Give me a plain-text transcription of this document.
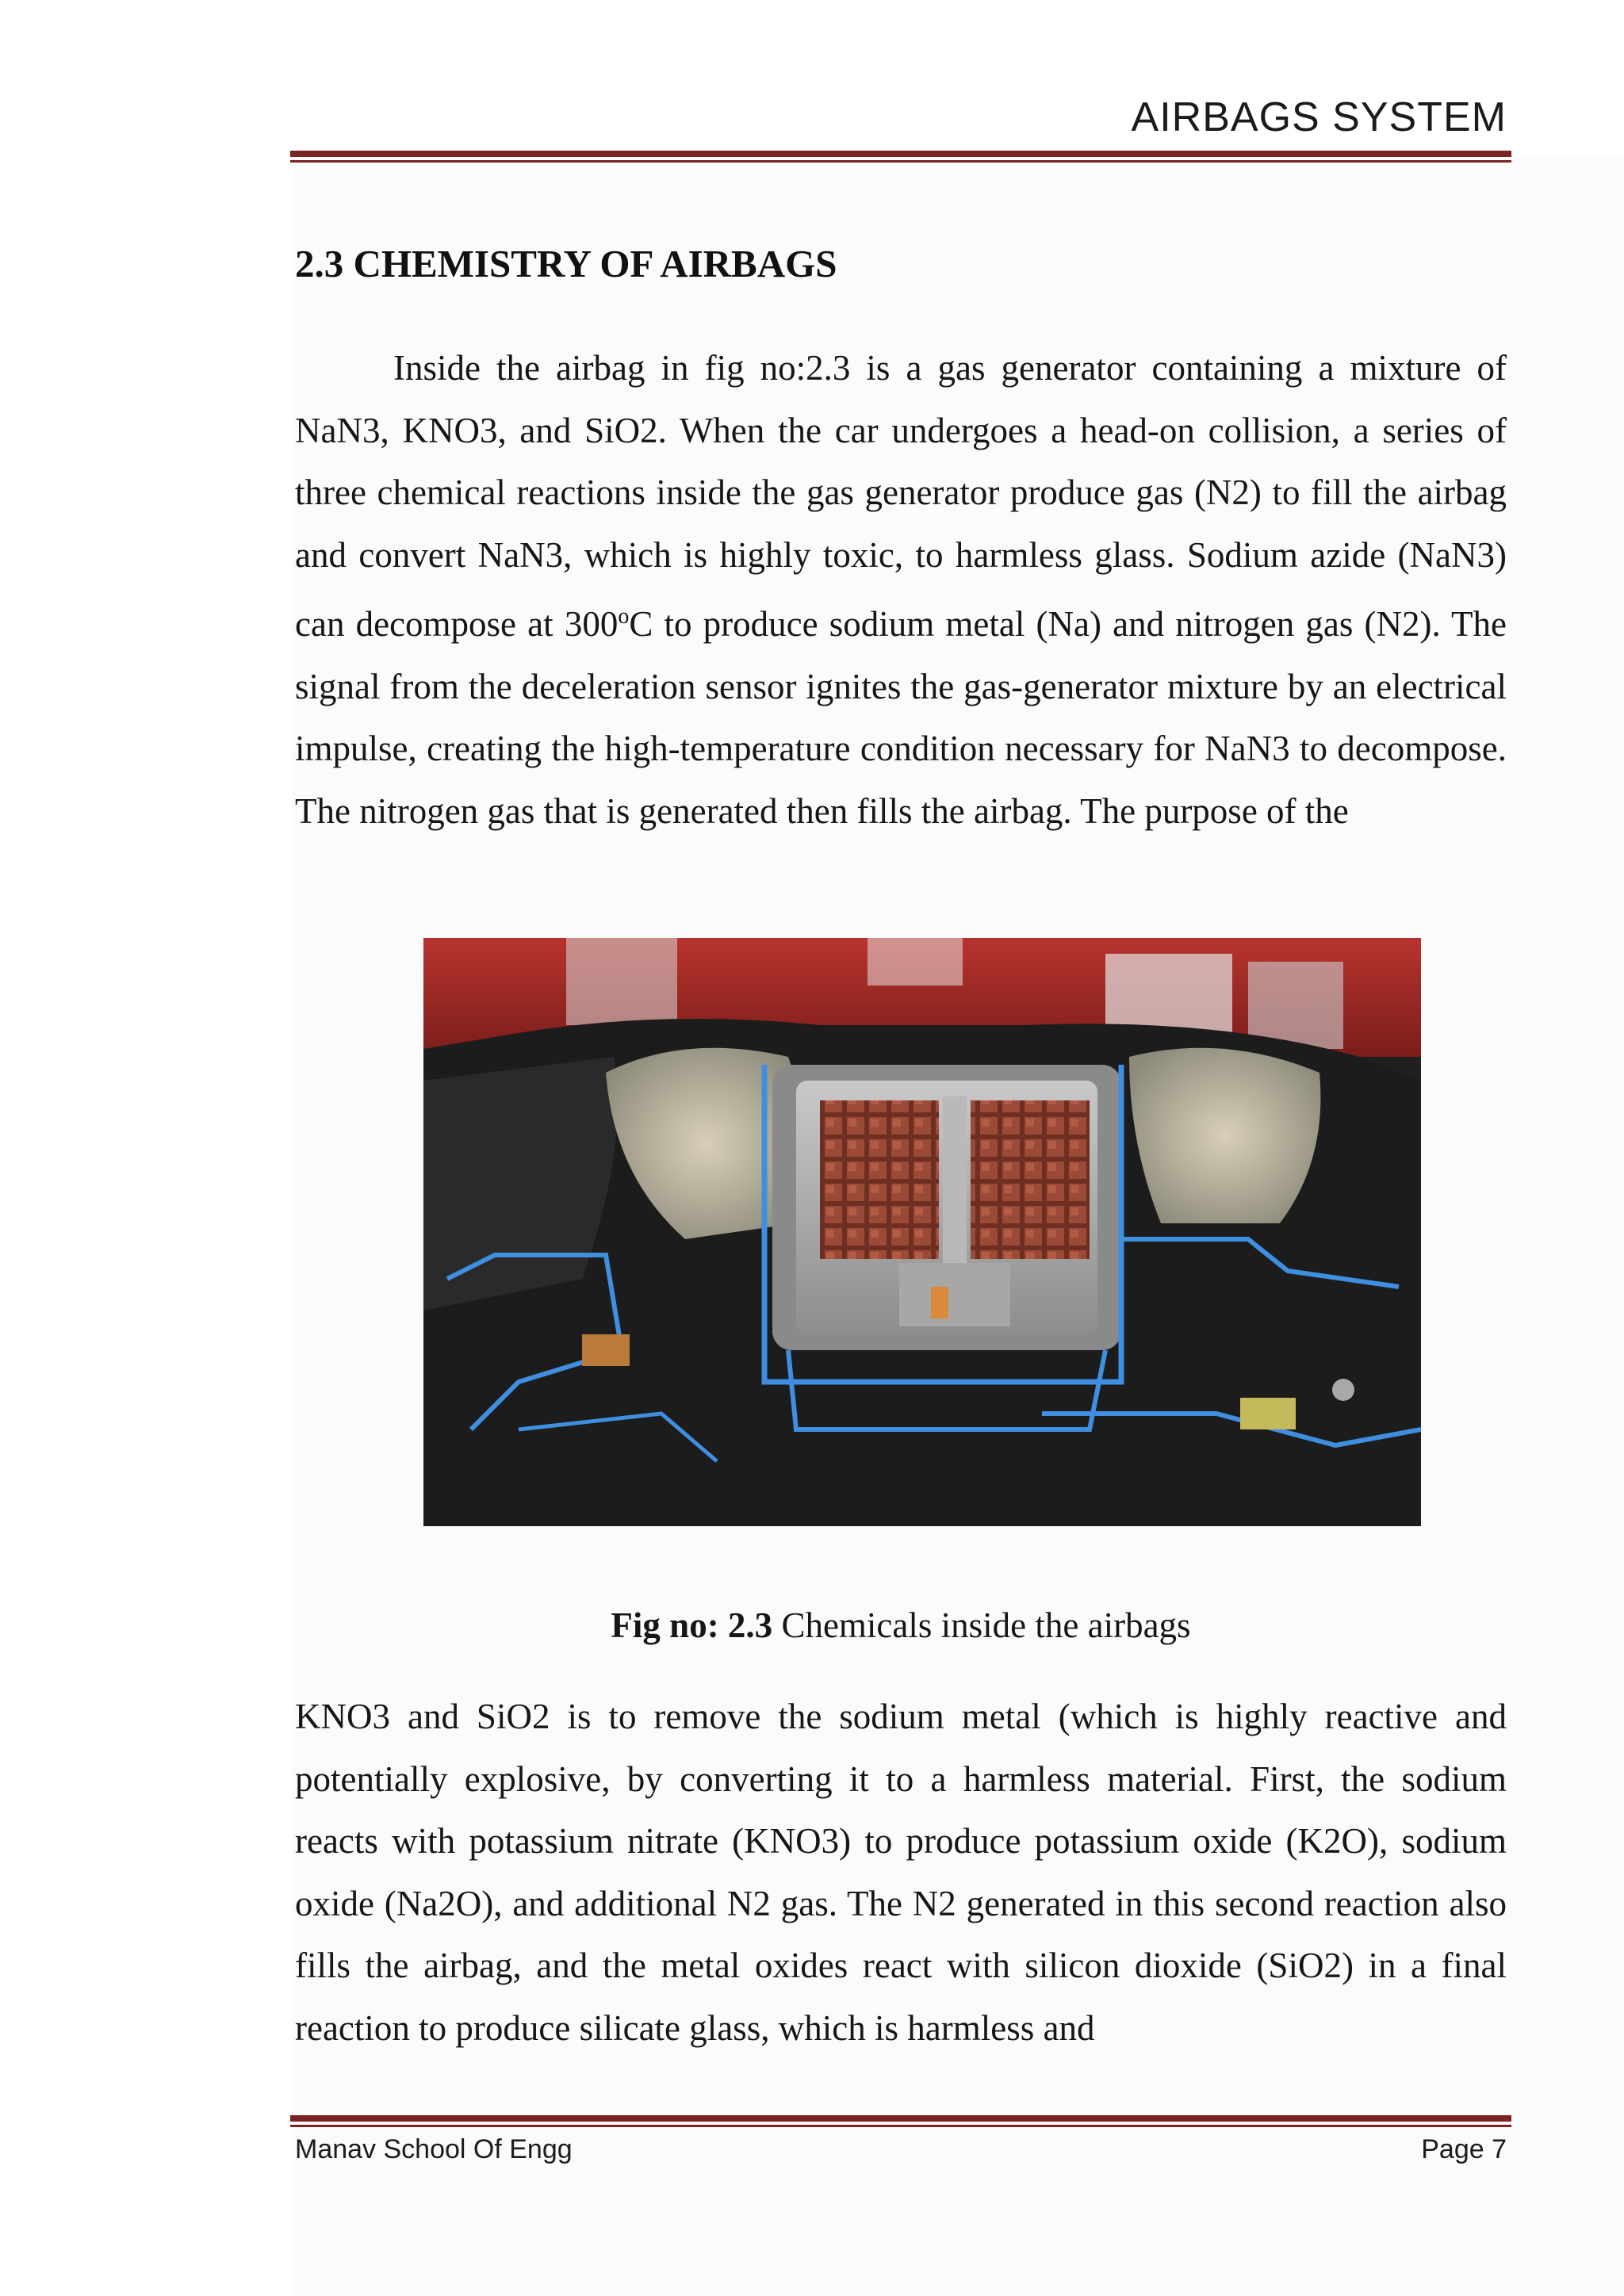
AIRBAGS SYSTEM
2.3 CHEMISTRY OF AIRBAGS
Inside the airbag in fig no:2.3 is a gas generator containing a mixture of NaN3, KNO3, and SiO2. When the car undergoes a head-on collision, a series of three chemical reactions inside the gas generator produce gas (N2) to fill the airbag and convert NaN3, which is highly toxic, to harmless glass. Sodium azide (NaN3) can decompose at 300$^o$C to produce sodium metal (Na) and nitrogen gas (N2). The signal from the deceleration sensor ignites the gas-generator mixture by an electrical impulse, creating the high-temperature condition necessary for NaN3 to decompose. The nitrogen gas that is generated then fills the airbag. The purpose of the
Fig no: 2.3 Chemicals inside the airbags
KNO3 and SiO2 is to remove the sodium metal (which is highly reactive and potentially explosive, by converting it to a harmless material. First, the sodium reacts with potassium nitrate (KNO3) to produce potassium oxide (K2O), sodium oxide (Na2O), and additional N2 gas. The N2 generated in this second reaction also fills the airbag, and the metal oxides react with silicon dioxide (SiO2) in a final reaction to produce silicate glass, which is harmless and
Manav School Of Engg	Page 7
